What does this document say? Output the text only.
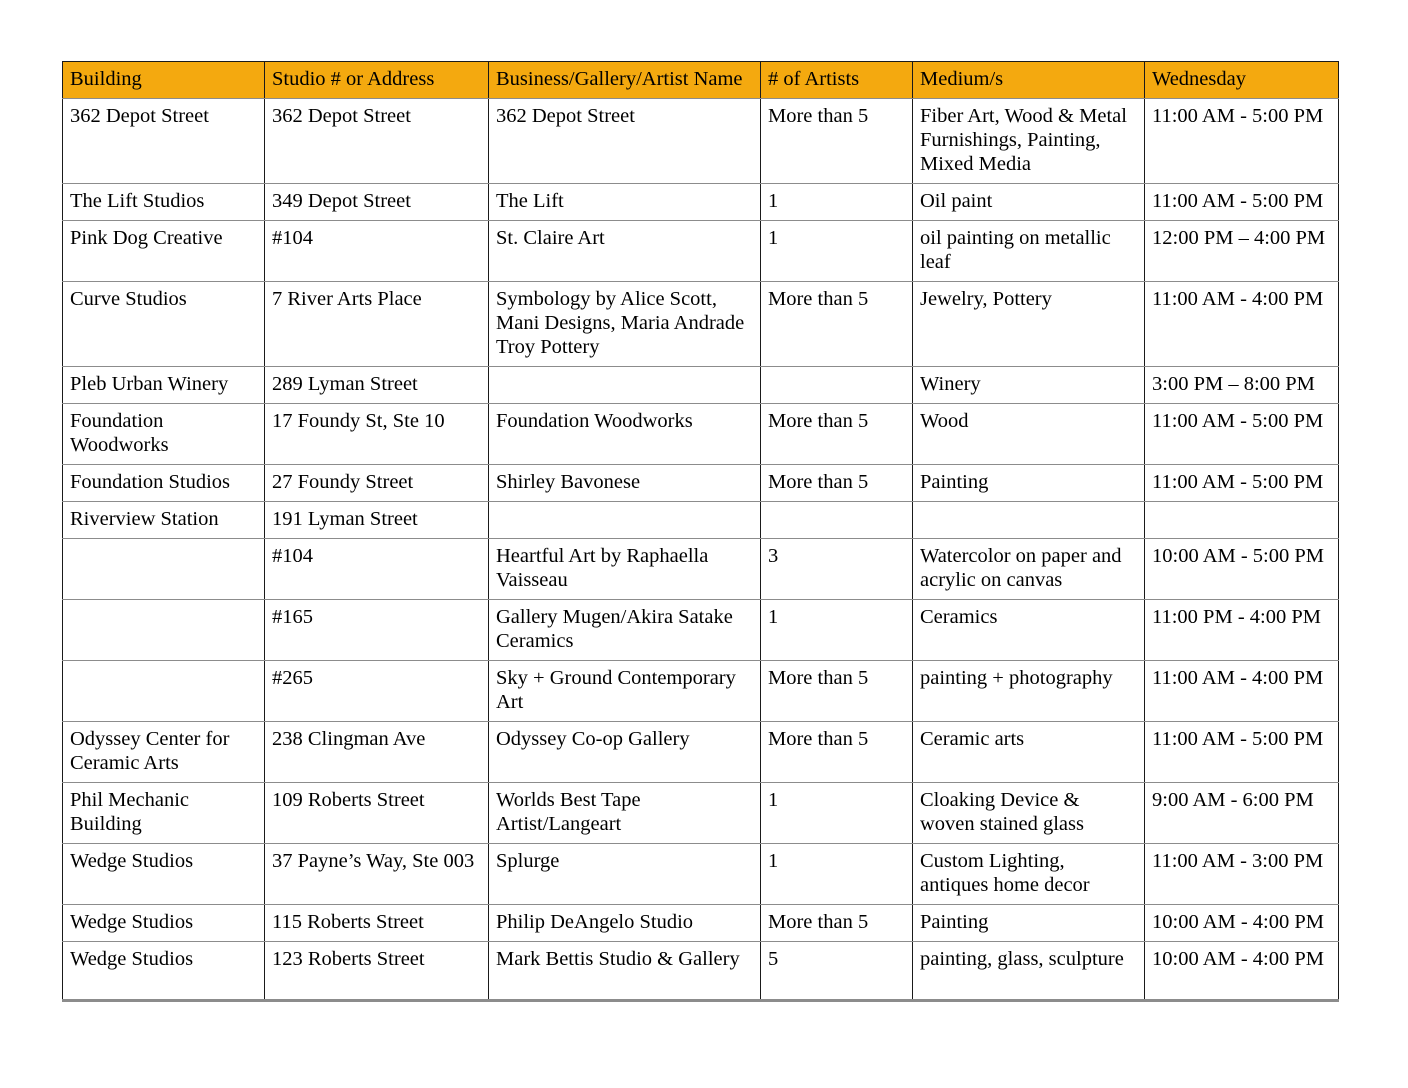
Building	Studio # or Address	Business/Gallery/Artist Name	# of Artists	Medium/s	Wednesday
362 Depot Street	362 Depot Street	362 Depot Street	More than 5	Fiber Art, Wood & Metal Furnishings, Painting, Mixed Media	11:00 AM - 5:00 PM
The Lift Studios	349 Depot Street	The Lift	1	Oil paint	11:00 AM - 5:00 PM
Pink Dog Creative	#104	St. Claire Art	1	oil painting on metallic leaf	12:00 PM – 4:00 PM
Curve Studios	7 River Arts Place	Symbology by Alice Scott, Mani Designs, Maria Andrade Troy Pottery	More than 5	Jewelry, Pottery	11:00 AM - 4:00 PM
Pleb Urban Winery	289 Lyman Street			Winery	3:00 PM – 8:00 PM
Foundation Woodworks	17 Foundy St, Ste 10	Foundation Woodworks	More than 5	Wood	11:00 AM - 5:00 PM
Foundation Studios	27 Foundy Street	Shirley Bavonese	More than 5	Painting	11:00 AM - 5:00 PM
Riverview Station	191 Lyman Street				
	#104	Heartful Art by Raphaella Vaisseau	3	Watercolor on paper and acrylic on canvas	10:00 AM - 5:00 PM
	#165	Gallery Mugen/Akira Satake Ceramics	1	Ceramics	11:00 PM - 4:00 PM
	#265	Sky + Ground Contemporary Art	More than 5	painting + photography	11:00 AM - 4:00 PM
Odyssey Center for Ceramic Arts	238 Clingman Ave	Odyssey Co-op Gallery	More than 5	Ceramic arts	11:00 AM - 5:00 PM
Phil Mechanic Building	109 Roberts Street	Worlds Best Tape Artist/Langeart	1	Cloaking Device & woven stained glass	9:00 AM - 6:00 PM
Wedge Studios	37 Payne’s Way, Ste 003	Splurge	1	Custom Lighting, antiques home decor	11:00 AM - 3:00 PM
Wedge Studios	115 Roberts Street	Philip DeAngelo Studio	More than 5	Painting	10:00 AM - 4:00 PM
Wedge Studios	123 Roberts Street	Mark Bettis Studio & Gallery	5	painting, glass, sculpture	10:00 AM - 4:00 PM
